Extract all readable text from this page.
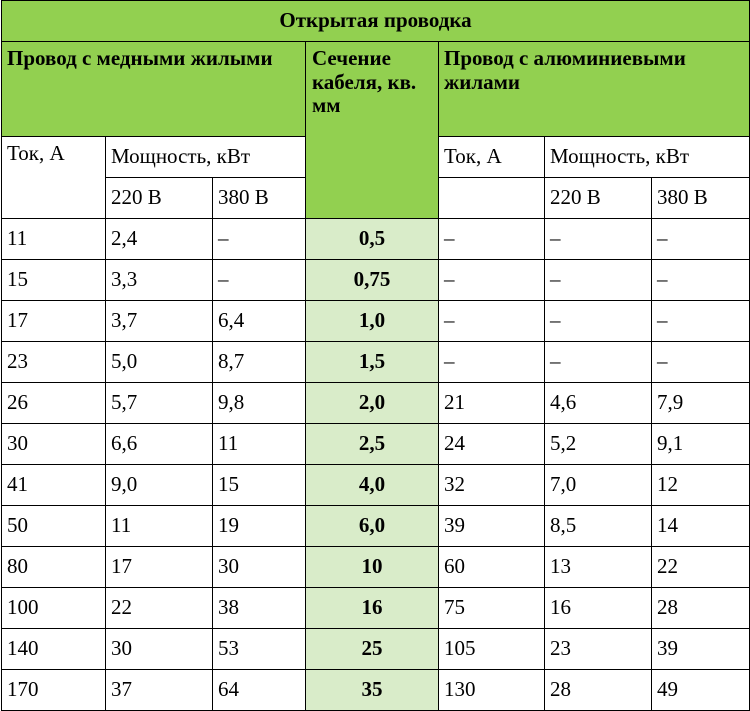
Открытая проводка						
Провод с медными жилыми			Сечение кабеля, кв. мм	Провод с алюминиевыми жилами		
Ток, А	Мощность, кВт			Ток, А	Мощность, кВт	
	220 В	380 В			220 В	380 В
11	2,4	–	0,5	–	–	–
15	3,3	–	0,75	–	–	–
17	3,7	6,4	1,0	–	–	–
23	5,0	8,7	1,5	–	–	–
26	5,7	9,8	2,0	21	4,6	7,9
30	6,6	11	2,5	24	5,2	9,1
41	9,0	15	4,0	32	7,0	12
50	11	19	6,0	39	8,5	14
80	17	30	10	60	13	22
100	22	38	16	75	16	28
140	30	53	25	105	23	39
170	37	64	35	130	28	49
